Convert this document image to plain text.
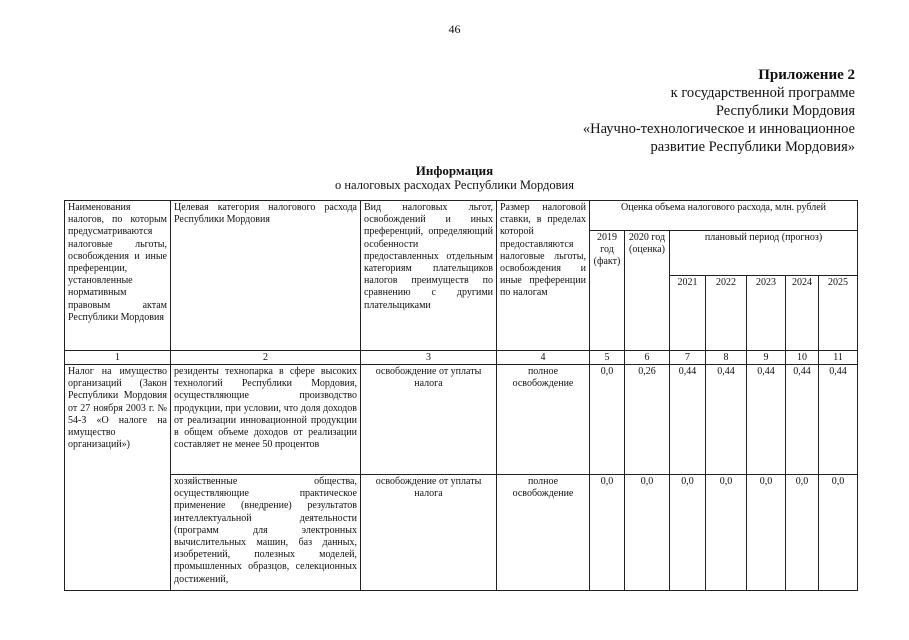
46
Приложение 2
к государственной программе
Республики Мордовия
«Научно-технологическое и инновационное
развитие Республики Мордовия»
Информация
о налоговых расходах Республики Мордовия
Наименования налогов, по которым предусматриваются налоговые льготы, освобождения и иные преференции, установленные нормативным правовым актам Республики Мордовия	Целевая категория налогового расхода Республики Мордовия	Вид налоговых льгот, освобождений и иных преференций, определяющий особенности предоставленных отдельным категориям плательщиков налогов преимуществ по сравнению с другими плательщиками	Размер налоговой ставки, в пределах которой предоставляются налоговые льготы, освобождения и иные преференции по налогам	Оценка объема налогового расхода, млн. рублей						
				2019 год (факт)	2020 год (оценка)	плановый период (прогноз)				
						2021	2022	2023	2024	2025
1	2	3	4	5	6	7	8	9	10	11
Налог на имущество организаций (Закон Республики Мордовия от 27 ноября 2003 г. № 54-З «О налоге на имущество организаций»)	резиденты технопарка в сфере высоких технологий Республики Мордовия, осуществляющие производство продукции, при условии, что доля доходов от реализации инновационной продукции в общем объеме доходов от реализации составляет не менее 50 процентов	освобождение от уплаты налога	полное освобождение	0,0	0,26	0,44	0,44	0,44	0,44	0,44
	хозяйственные общества, осуществляющие практическое применение (внедрение) результатов интеллектуальной деятельности (программ для электронных вычислительных машин, баз данных, изобретений, полезных моделей, промышленных образцов, селекционных достижений,	освобождение от уплаты налога	полное освобождение	0,0	0,0	0,0	0,0	0,0	0,0	0,0
